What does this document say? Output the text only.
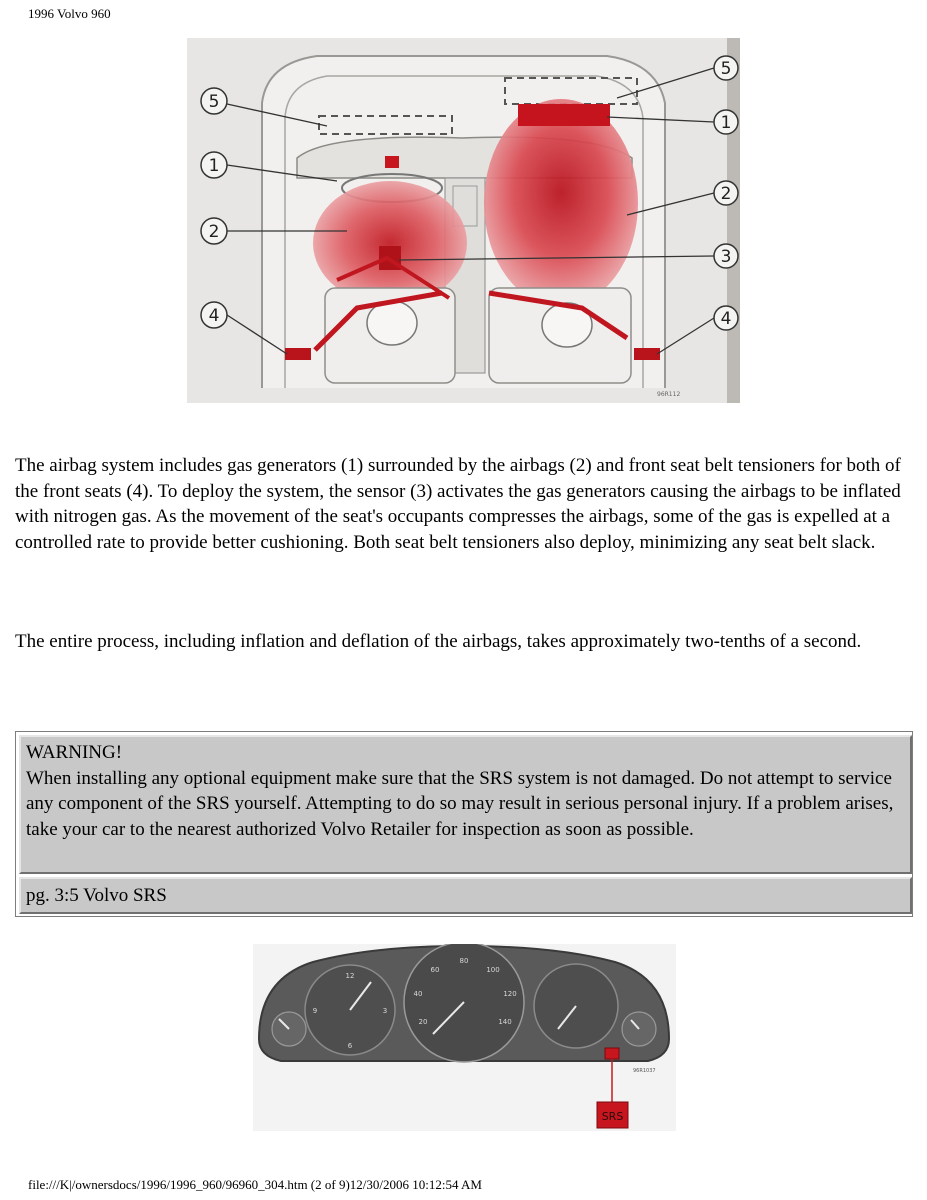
1996 Volvo 960
5
1
2
4
5
1
2
3
4
96R112

The airbag system includes gas generators (1) surrounded by the airbags (2) and front seat belt tensioners for both of the front seats (4). To deploy the system, the sensor (3) activates the gas generators causing the airbags to be inflated with nitrogen gas. As the movement of the seat's occupants compresses the airbags, some of the gas is expelled at a controlled rate to provide better cushioning. Both seat belt tensioners also deploy, minimizing any seat belt slack.

The entire process, including inflation and deflation of the airbags, takes approximately two-tenths of a second.

WARNING!
When installing any optional equipment make sure that the SRS system is not damaged. Do not attempt to service any component of the SRS yourself. Attempting to do so may result in serious personal injury. If a problem arises, take your car to the nearest authorized Volvo Retailer for inspection as soon as possible.
pg. 3:5 Volvo SRS
12
3
6
9
20
40
60
80
100
120
140
SRS
96R1037
file:///K|/ownersdocs/1996/1996_960/96960_304.htm (2 of 9)12/30/2006 10:12:54 AM
